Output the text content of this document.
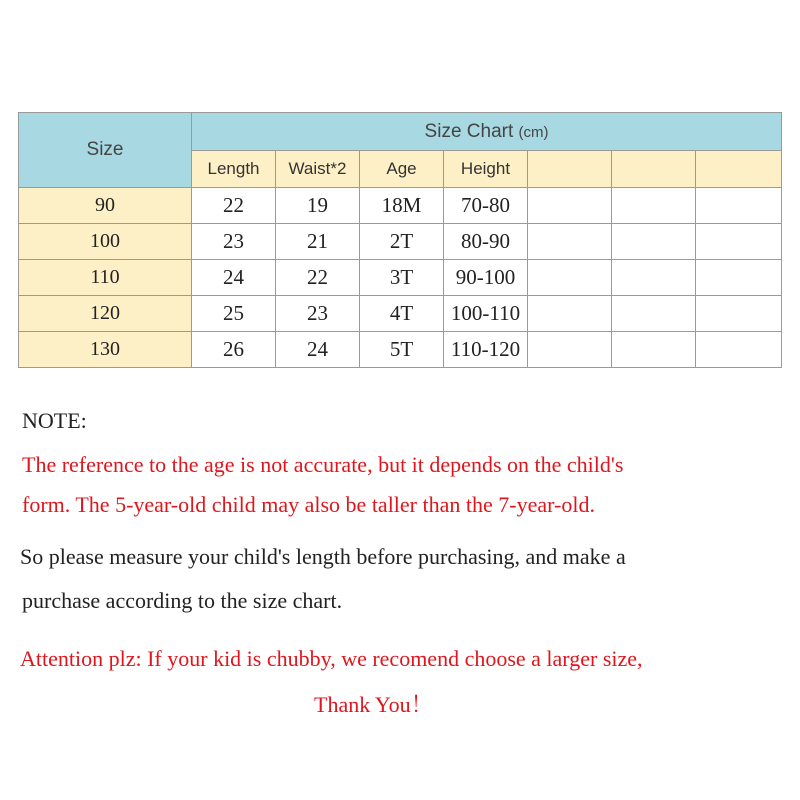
Size	Size Chart (cm)						
	Length	Waist*2	Age	Height			
90	22	19	18M	70-80			
100	23	21	2T	80-90			
110	24	22	3T	90-100			
120	25	23	4T	100-110			
130	26	24	5T	110-120			
NOTE:
The reference to the age is not accurate, but it depends on the child's
form. The 5-year-old child may also be taller than the 7-year-old.
So please measure your child's length before purchasing, and make a
purchase according to the size chart.
Attention plz: If your kid is chubby, we recomend choose a larger size,
Thank You！
